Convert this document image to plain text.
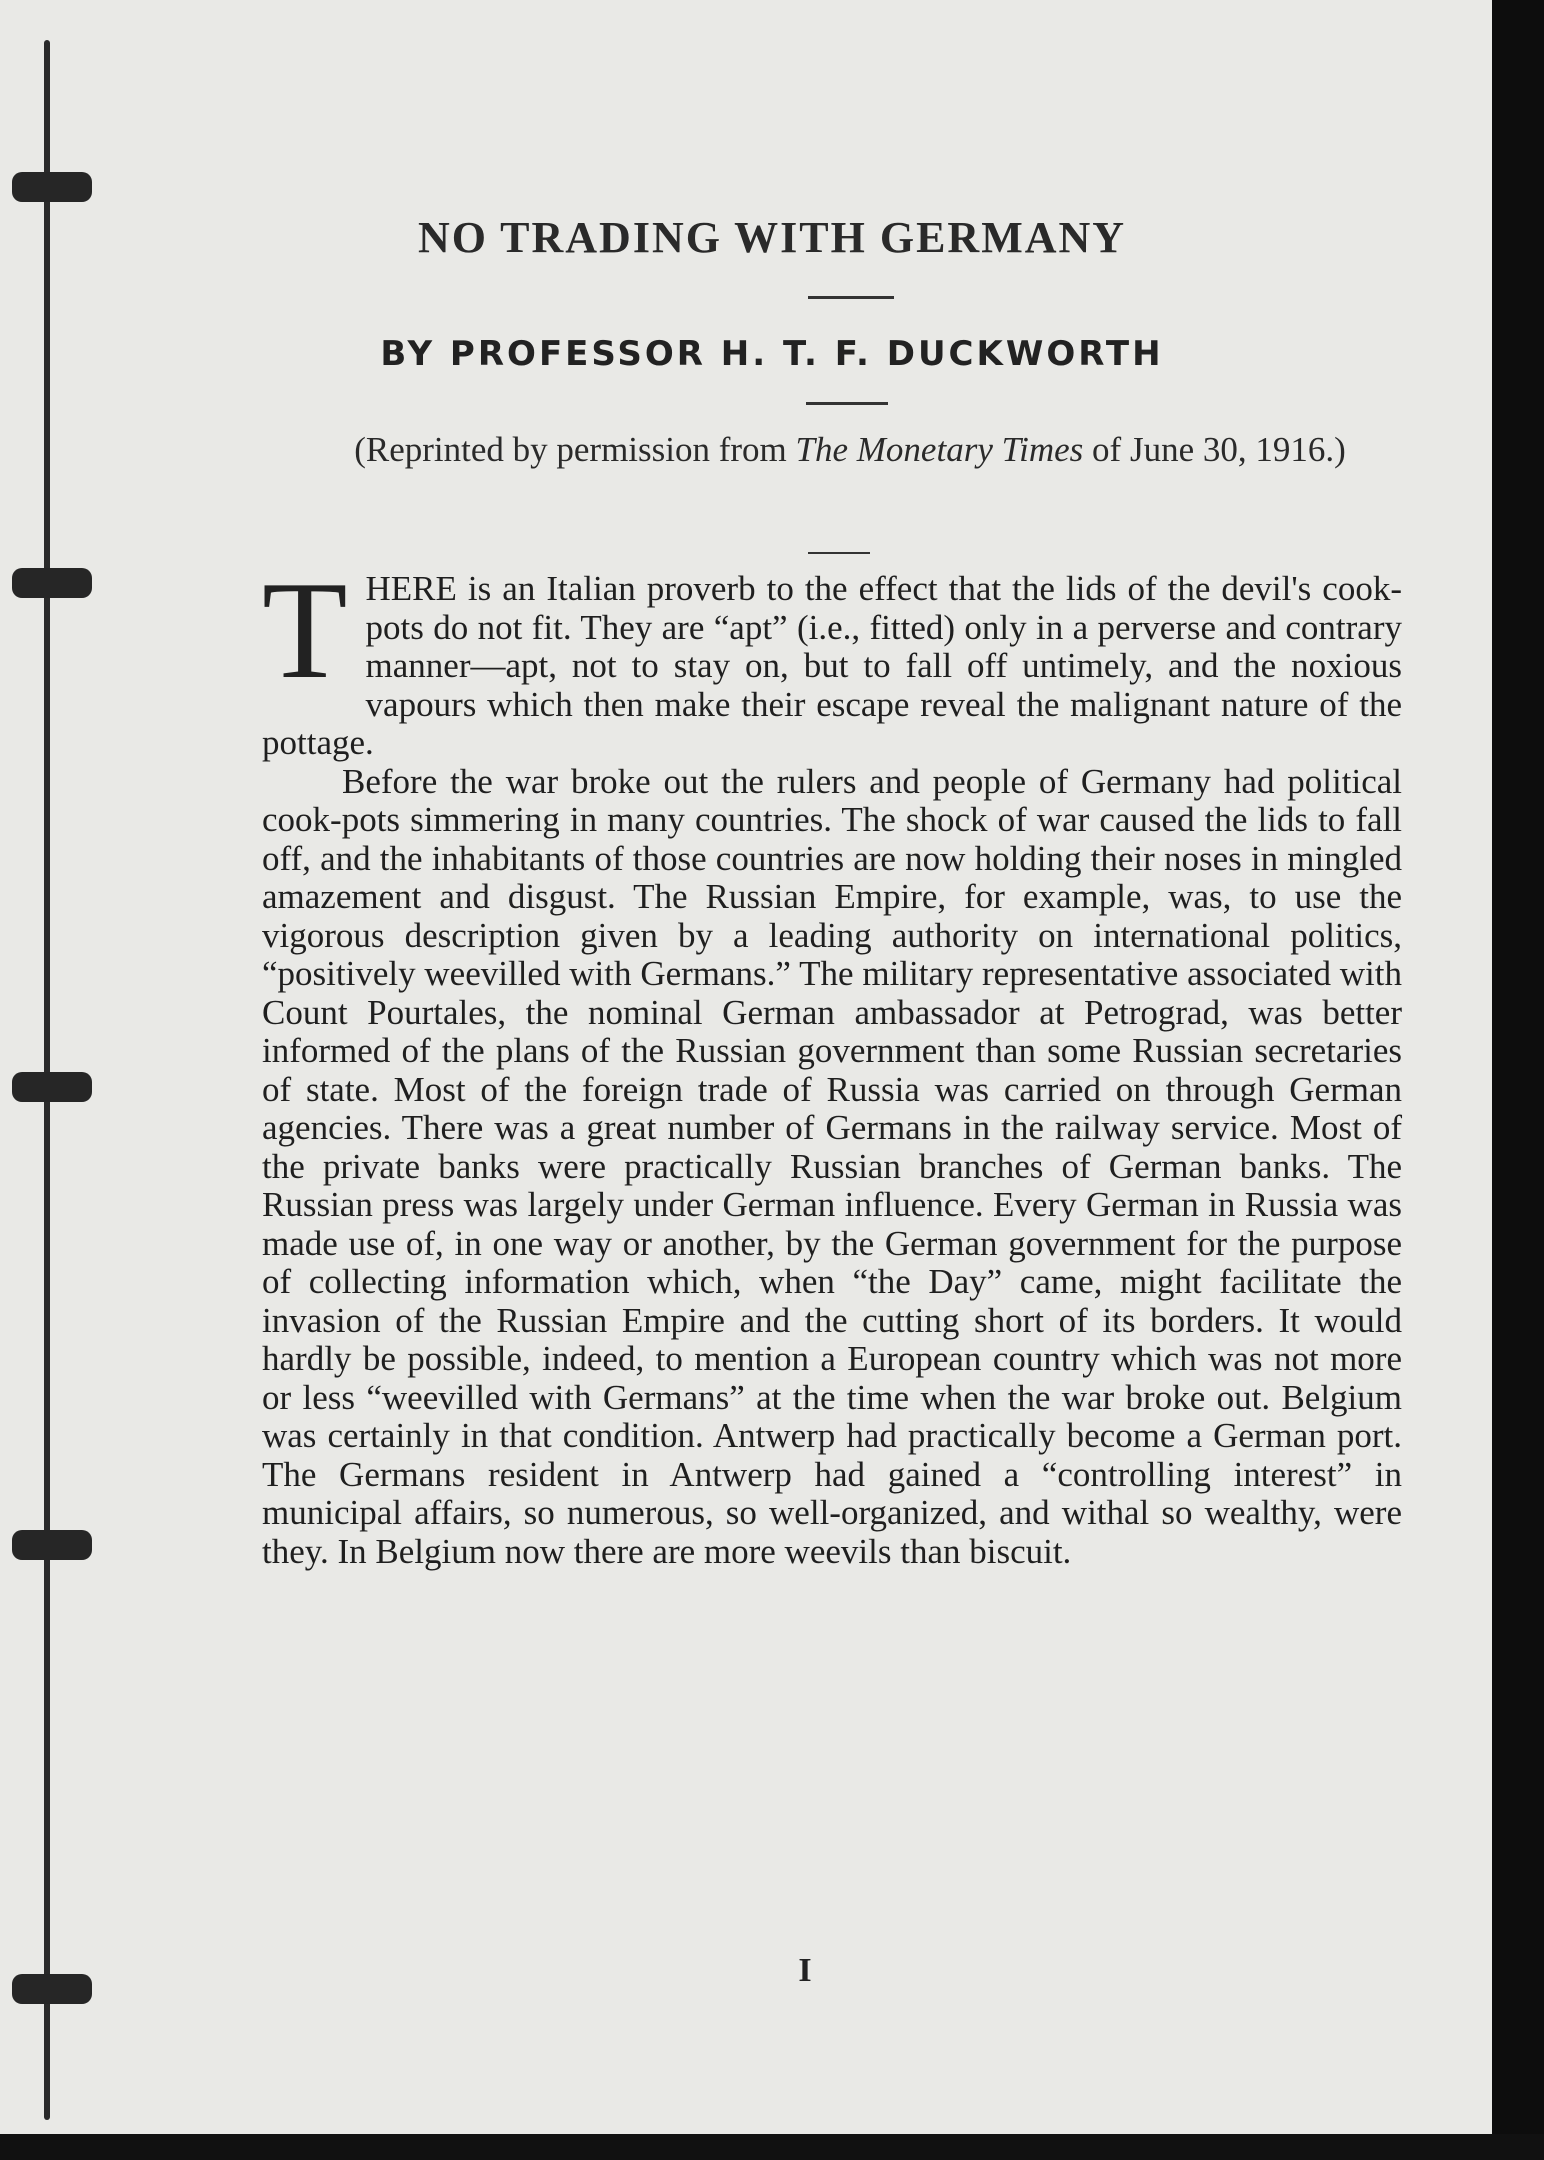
NO TRADING WITH GERMANY
BY PROFESSOR H. T. F. DUCKWORTH
(Reprinted by permission from The Monetary Times of June 30, 1916.)

THERE is an Italian proverb to the effect that the lids of the devil's cook-pots do not fit. They are “apt” (i.e., fitted) only in a perverse and contrary manner—apt, not to stay on, but to fall off untimely, and the noxious vapours which then make their escape reveal the malignant nature of the pottage.

Before the war broke out the rulers and people of Germany had political cook-pots simmering in many countries. The shock of war caused the lids to fall off, and the inhabitants of those countries are now holding their noses in mingled amazement and disgust. The Russian Empire, for example, was, to use the vigorous description given by a leading authority on international politics, “positively weevilled with Germans.” The military representative associated with Count Pourtales, the nominal German ambassador at Petrograd, was better informed of the plans of the Russian government than some Russian secretaries of state. Most of the foreign trade of Russia was carried on through German agencies. There was a great number of Germans in the railway service. Most of the private banks were practically Russian branches of German banks. The Russian press was largely under German influence. Every German in Russia was made use of, in one way or another, by the German government for the purpose of collecting information which, when “the Day” came, might facilitate the invasion of the Russian Empire and the cutting short of its borders. It would hardly be possible, indeed, to mention a European country which was not more or less “weevilled with Germans” at the time when the war broke out. Belgium was certainly in that condition. Antwerp had practically become a German port. The Germans resident in Antwerp had gained a “controlling interest” in municipal affairs, so numerous, so well-organized, and withal so wealthy, were they. In Belgium now there are more weevils than biscuit.

I
